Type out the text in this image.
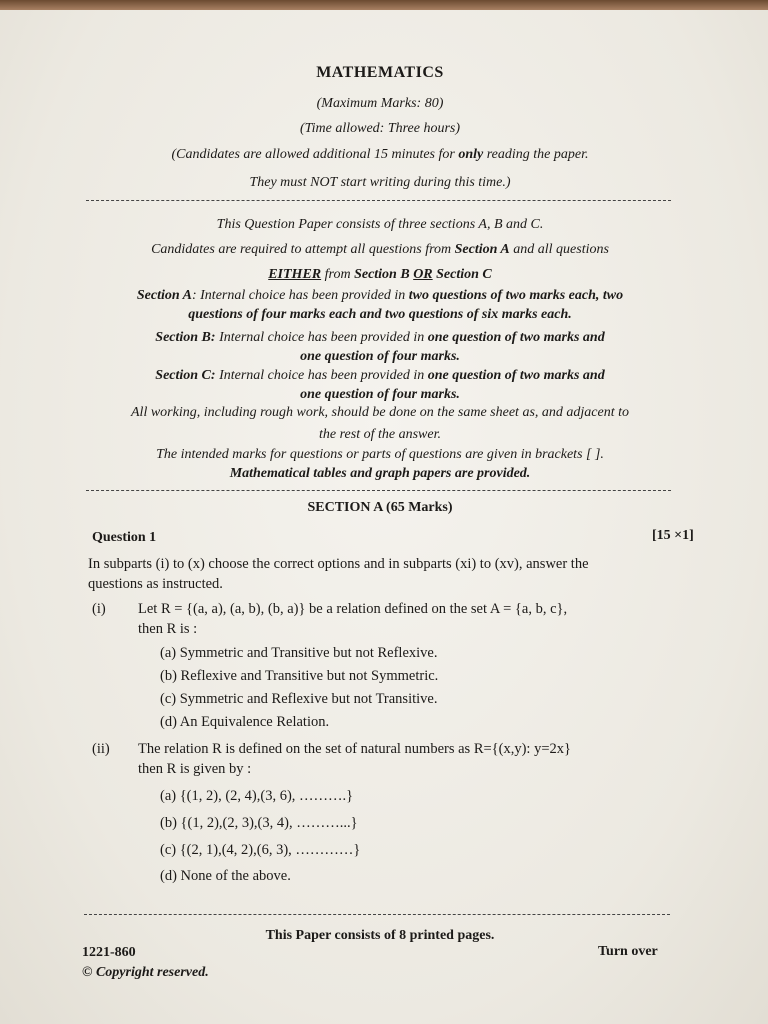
MATHEMATICS
(Maximum Marks: 80)
(Time allowed: Three hours)
(Candidates are allowed additional 15 minutes for only reading the paper.
They must NOT start writing during this time.)
This Question Paper consists of three sections A, B and C.
Candidates are required to attempt all questions from Section A and all questions
EITHER from Section B OR Section C
Section A: Internal choice has been provided in two questions of two marks each, two
questions of four marks each and two questions of six marks each.
Section B: Internal choice has been provided in one question of two marks and
one question of four marks.
Section C: Internal choice has been provided in one question of two marks and
one question of four marks.
All working, including rough work, should be done on the same sheet as, and adjacent to
the rest of the answer.
The intended marks for questions or parts of questions are given in brackets [ ].
Mathematical tables and graph papers are provided.
SECTION A (65 Marks)
Question 1	[15 ×1]
In subparts (i) to (x) choose the correct options and in subparts (xi) to (xv), answer the
questions as instructed.
(i) Let R = {(a, a), (a, b), (b, a)} be a relation defined on the set A = {a, b, c},
then R is :
(a) Symmetric and Transitive but not Reflexive.
(b) Reflexive and Transitive but not Symmetric.
(c) Symmetric and Reflexive but not Transitive.
(d) An Equivalence Relation.
(ii) The relation R is defined on the set of natural numbers as R={(x,y): y=2x}
then R is given by :
(a) {(1, 2), (2, 4),(3, 6), ……….}
(b) {(1, 2),(2, 3),(3, 4), ………...}
(c) {(2, 1),(4, 2),(6, 3), …………}
(d) None of the above.
This Paper consists of 8 printed pages.
1221-860
© Copyright reserved.
Turn over
